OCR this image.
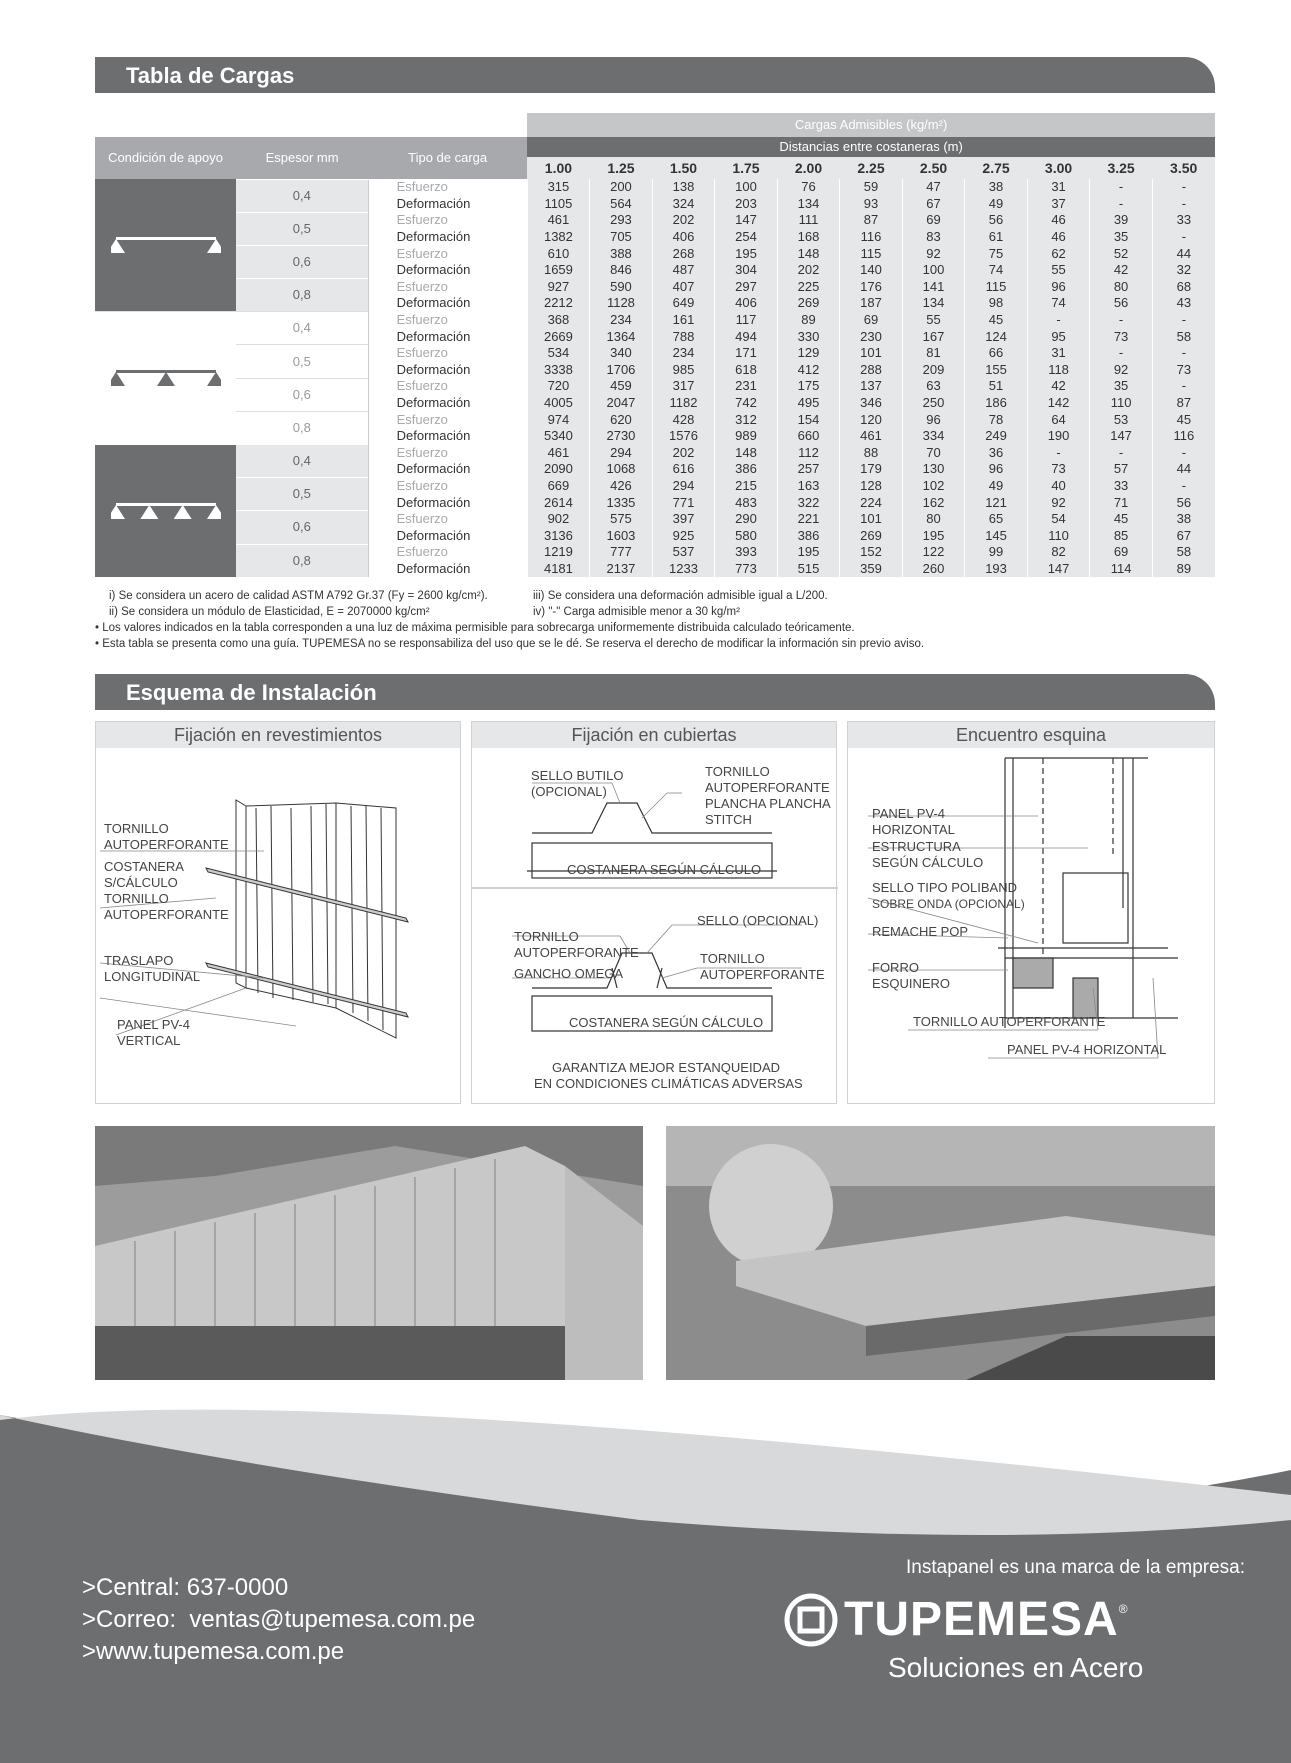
Tabla de Cargas
			Cargas Admisibles (kg/m²)										
Condición de apoyo	Espesor mm	Tipo de carga	Distancias entre costaneras (m)										
			1.00	1.25	1.50	1.75	2.00	2.25	2.50	2.75	3.00	3.25	3.50

	0,4	Esfuerzo	315	200	138	100	76	59	47	38	31	-	-
		Deformación	1105	564	324	203	134	93	67	49	37	-	-
	0,5	Esfuerzo	461	293	202	147	111	87	69	56	46	39	33
		Deformación	1382	705	406	254	168	116	83	61	46	35	-
	0,6	Esfuerzo	610	388	268	195	148	115	92	75	62	52	44
		Deformación	1659	846	487	304	202	140	100	74	55	42	32
	0,8	Esfuerzo	927	590	407	297	225	176	141	115	96	80	68
		Deformación	2212	1128	649	406	269	187	134	98	74	56	43

	0,4	Esfuerzo	368	234	161	117	89	69	55	45	-	-	-
		Deformación	2669	1364	788	494	330	230	167	124	95	73	58
	0,5	Esfuerzo	534	340	234	171	129	101	81	66	31	-	-
		Deformación	3338	1706	985	618	412	288	209	155	118	92	73
	0,6	Esfuerzo	720	459	317	231	175	137	63	51	42	35	-
		Deformación	4005	2047	1182	742	495	346	250	186	142	110	87
	0,8	Esfuerzo	974	620	428	312	154	120	96	78	64	53	45
		Deformación	5340	2730	1576	989	660	461	334	249	190	147	116

	0,4	Esfuerzo	461	294	202	148	112	88	70	36	-	-	-
		Deformación	2090	1068	616	386	257	179	130	96	73	57	44
	0,5	Esfuerzo	669	426	294	215	163	128	102	49	40	33	-
		Deformación	2614	1335	771	483	322	224	162	121	92	71	56
	0,6	Esfuerzo	902	575	397	290	221	101	80	65	54	45	38
		Deformación	3136	1603	925	580	386	269	195	145	110	85	67
	0,8	Esfuerzo	1219	777	537	393	195	152	122	99	82	69	58
		Deformación	4181	2137	1233	773	515	359	260	193	147	114	89
i) Se considera un acero de calidad ASTM A792 Gr.37 (Fy = 2600 kg/cm²).	iii) Se considera una deformación admisible igual a L/200.
ii) Se considera un módulo de Elasticidad, E = 2070000 kg/cm²	iv) "-" Carga admisible menor a 30 kg/m²
• Los valores indicados en la tabla corresponden a una luz de máxima permisible para sobrecarga uniformemente distribuida calculado teóricamente.
• Esta tabla se presenta como una guía. TUPEMESA no se responsabiliza del uso que se le dé. Se reserva el derecho de modificar la información sin previo aviso.
Esquema de Instalación
Fijación en revestimientos
TORNILLO
AUTOPERFORANTE
COSTANERA
S/CÁLCULO
TORNILLO
AUTOPERFORANTE
TRASLAPO
LONGITUDINAL
PANEL PV-4
VERTICAL
Fijación en cubiertas
SELLO BUTILO
(OPCIONAL)
TORNILLO
AUTOPERFORANTE
PLANCHA PLANCHA
STITCH
COSTANERA SEGÚN CÁLCULO
TORNILLO
AUTOPERFORANTE
SELLO (OPCIONAL)
GANCHO OMEGA
TORNILLO
AUTOPERFORANTE
COSTANERA SEGÚN CÁLCULO
GARANTIZA MEJOR ESTANQUEIDAD
EN CONDICIONES CLIMÁTICAS ADVERSAS
Encuentro esquina
PANEL PV-4
HORIZONTAL
ESTRUCTURA
SEGÚN CÁLCULO
SELLO TIPO POLIBAND
SOBRE ONDA (OPCIONAL)
REMACHE POP
FORRO
ESQUINERO
TORNILLO AUTOPERFORANTE
PANEL PV-4 HORIZONTAL
>Central: 637-0000
>Correo: ventas@tupemesa.com.pe
>www.tupemesa.com.pe
Instapanel es una marca de la empresa:
TUPEMESA ®
Soluciones en Acero
